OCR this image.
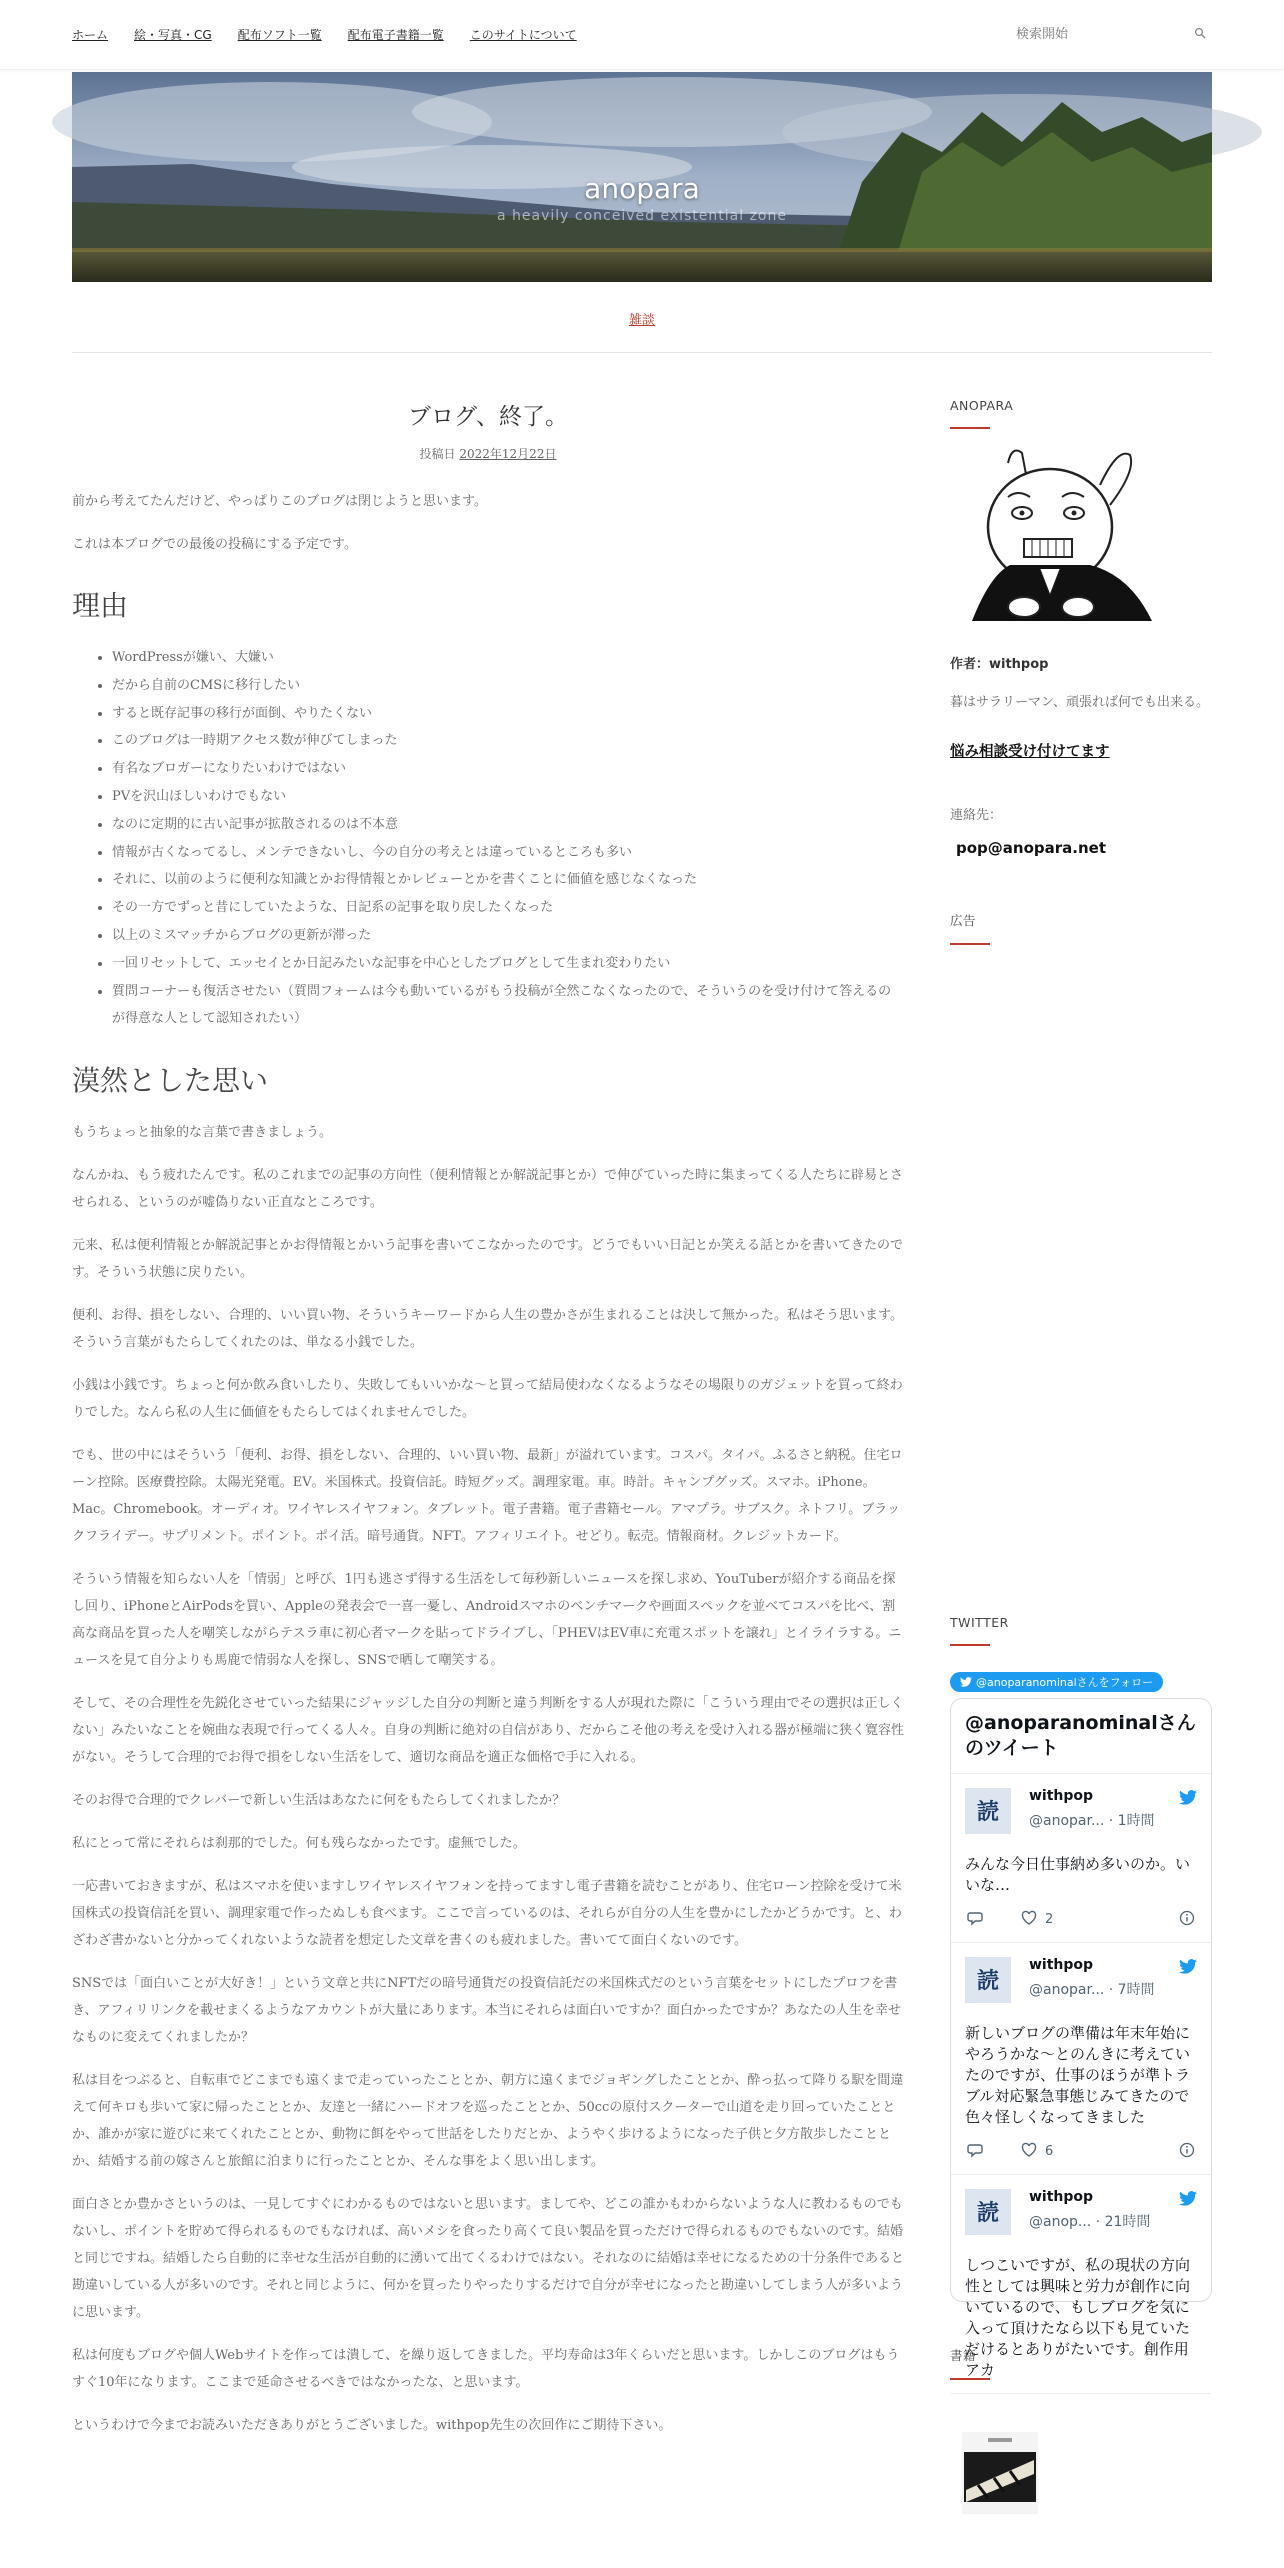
ホーム 絵・写真・CG 配布ソフト一覧 配布電子書籍一覧 このサイトについて
検索開始
anopara
a heavily conceived existential zone
雑談
ブログ、終了。
投稿日 2022年12月22日

前から考えてたんだけど、やっぱりこのブログは閉じようと思います。

これは本ブログでの最後の投稿にする予定です。

理由
• WordPressが嫌い、大嫌い
• だから自前のCMSに移行したい
• すると既存記事の移行が面倒、やりたくない
• このブログは一時期アクセス数が伸びてしまった
• 有名なブロガーになりたいわけではない
• PVを沢山ほしいわけでもない
• なのに定期的に古い記事が拡散されるのは不本意
• 情報が古くなってるし、メンテできないし、今の自分の考えとは違っているところも多い
• それに、以前のように便利な知識とかお得情報とかレビューとかを書くことに価値を感じなくなった
• その一方でずっと昔にしていたような、日記系の記事を取り戻したくなった
• 以上のミスマッチからブログの更新が滞った
• 一回リセットして、エッセイとか日記みたいな記事を中心としたブログとして生まれ変わりたい
• 質問コーナーも復活させたい（質問フォームは今も動いているがもう投稿が全然こなくなったので、そういうのを受け付けて答えるのが得意な人として認知されたい）
漠然とした思い

もうちょっと抽象的な言葉で書きましょう。

なんかね、もう疲れたんです。私のこれまでの記事の方向性（便利情報とか解説記事とか）で伸びていった時に集まってくる人たちに辟易とさせられる、というのが嘘偽りない正直なところです。

元来、私は便利情報とか解説記事とかお得情報とかいう記事を書いてこなかったのです。どうでもいい日記とか笑える話とかを書いてきたのです。そういう状態に戻りたい。

便利、お得、損をしない、合理的、いい買い物、そういうキーワードから人生の豊かさが生まれることは決して無かった。私はそう思います。そういう言葉がもたらしてくれたのは、単なる小銭でした。

小銭は小銭です。ちょっと何か飲み食いしたり、失敗してもいいかな〜と買って結局使わなくなるようなその場限りのガジェットを買って終わりでした。なんら私の人生に価値をもたらしてはくれませんでした。

でも、世の中にはそういう「便利、お得、損をしない、合理的、いい買い物、最新」が溢れています。コスパ。タイパ。ふるさと納税。住宅ローン控除。医療費控除。太陽光発電。EV。米国株式。投資信託。時短グッズ。調理家電。車。時計。キャンプグッズ。スマホ。iPhone。Mac。Chromebook。オーディオ。ワイヤレスイヤフォン。タブレット。電子書籍。電子書籍セール。アマプラ。サブスク。ネトフリ。ブラックフライデー。サプリメント。ポイント。ポイ活。暗号通貨。NFT。アフィリエイト。せどり。転売。情報商材。クレジットカード。

そういう情報を知らない人を「情弱」と呼び、1円も逃さず得する生活をして毎秒新しいニュースを探し求め、YouTuberが紹介する商品を探し回り、iPhoneとAirPodsを買い、Appleの発表会で一喜一憂し、Androidスマホのベンチマークや画面スペックを並べてコスパを比べ、割高な商品を買った人を嘲笑しながらテスラ車に初心者マークを貼ってドライブし、「PHEVはEV車に充電スポットを譲れ」とイライラする。ニュースを見て自分よりも馬鹿で情弱な人を探し、SNSで晒して嘲笑する。

そして、その合理性を先鋭化させていった結果にジャッジした自分の判断と違う判断をする人が現れた際に「こういう理由でその選択は正しくない」みたいなことを婉曲な表現で行ってくる人々。自身の判断に絶対の自信があり、だからこそ他の考えを受け入れる器が極端に狭く寛容性がない。そうして合理的でお得で損をしない生活をして、適切な商品を適正な価格で手に入れる。

そのお得で合理的でクレバーで新しい生活はあなたに何をもたらしてくれましたか？

私にとって常にそれらは刹那的でした。何も残らなかったです。虚無でした。

一応書いておきますが、私はスマホを使いますしワイヤレスイヤフォンを持ってますし電子書籍を読むことがあり、住宅ローン控除を受けて米国株式の投資信託を買い、調理家電で作ったぬしも食べます。ここで言っているのは、それらが自分の人生を豊かにしたかどうかです。と、わざわざ書かないと分かってくれないような読者を想定した文章を書くのも疲れました。書いてて面白くないのです。

SNSでは「面白いことが大好き！」という文章と共にNFTだの暗号通貨だの投資信託だの米国株式だのという言葉をセットにしたプロフを書き、アフィリリンクを載せまくるようなアカウントが大量にあります。本当にそれらは面白いですか？面白かったですか？あなたの人生を幸せなものに変えてくれましたか？

私は目をつぶると、自転車でどこまでも遠くまで走っていったこととか、朝方に遠くまでジョギングしたこととか、酔っ払って降りる駅を間違えて何キロも歩いて家に帰ったこととか、友達と一緒にハードオフを巡ったこととか、50ccの原付スクーターで山道を走り回っていたこととか、誰かが家に遊びに来てくれたこととか、動物に餌をやって世話をしたりだとか、ようやく歩けるようになった子供と夕方散歩したこととか、結婚する前の嫁さんと旅館に泊まりに行ったこととか、そんな事をよく思い出します。

面白さとか豊かさというのは、一見してすぐにわかるものではないと思います。ましてや、どこの誰かもわからないような人に教わるものでもないし、ポイントを貯めて得られるものでもなければ、高いメシを食ったり高くて良い製品を買っただけで得られるものでもないのです。結婚と同じですね。結婚したら自動的に幸せな生活が自動的に湧いて出てくるわけではない。それなのに結婚は幸せになるための十分条件であると勘違いしている人が多いのです。それと同じように、何かを買ったりやったりするだけで自分が幸せになったと勘違いしてしまう人が多いように思います。

私は何度もブログや個人Webサイトを作っては潰して、を繰り返してきました。平均寿命は3年くらいだと思います。しかしこのブログはもうすぐ10年になります。ここまで延命させるべきではなかったな、と思います。

というわけで今までお読みいただきありがとうございました。withpop先生の次回作にご期待下さい。

ANOPARA
作者：withpop
暮はサラリーマン、頑張れば何でも出来る。
悩み相談受け付けてます
連絡先：
pop@anopara.net
広告
TWITTER
@anoparanominalさんをフォロー
@anoparanominalさんのツイート
読
withpop
@anopar... · 1時間
みんな今日仕事納め多いのか。いいな…
2
読
withpop
@anopar... · 7時間
新しいブログの準備は年末年始にやろうかな〜とのんきに考えていたのですが、仕事のほうが準トラブル対応緊急事態じみてきたので色々怪しくなってきました
6
読
withpop
@anop... · 21時間
しつこいですが、私の現状の方向性としては興味と労力が創作に向いているので、もしブログを気に入って頂けたなら以下も見ていただけるとありがたいです。創作用アカ
書籍
